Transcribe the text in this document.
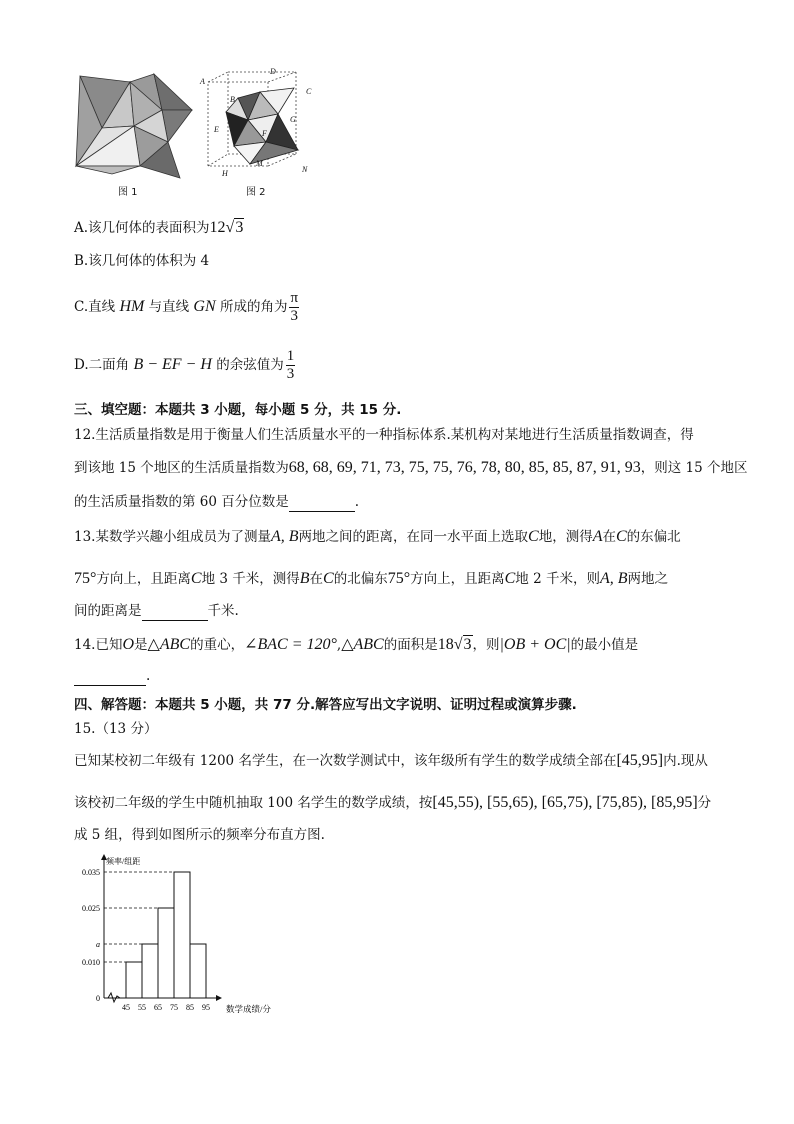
图 1
A
D
C
B
E
G
F
M
H	N
图 2
A.该几何体的表面积为12√3
B.该几何体的体积为 4
C.直线 HM 与直线 GN 所成的角为 $\frac{\pi}{3}$
D.二面角 B − EF − H 的余弦值为 $\frac{1}{3}$
三、填空题：本题共 3 小题，每小题 5 分，共 15 分.
12.生活质量指数是用于衡量人们生活质量水平的一种指标体系.某机构对某地进行生活质量指数调查，得
到该地 15 个地区的生活质量指数为68, 68, 69, 71, 73, 75, 75, 76, 78, 80, 85, 85, 87, 91, 93，则这 15 个地区
的生活质量指数的第 60 百分位数是	.
13.某数学兴趣小组成员为了测量A, B两地之间的距离，在同一水平面上选取C地，测得A在C的东偏北
75°方向上，且距离C地 3 千米，测得B在C的北偏东75°方向上，且距离C地 2 千米，则A, B两地之
间的距离是	千米.
14.已知O是△ABC的重心，∠BAC = 120°,△ABC的面积是18√3，则|OB + OC|的最小值是
.
四、解答题：本题共 5 小题，共 77 分.解答应写出文字说明、证明过程或演算步骤.
15.（13 分）
已知某校初二年级有 1200 名学生，在一次数学测试中，该年级所有学生的数学成绩全部在[45,95]内.现从
该校初二年级的学生中随机抽取 100 名学生的数学成绩，按[45,55), [55,65), [65,75), [75,85), [85,95]分
成 5 组，得到如图所示的频率分布直方图.
频率/组距
0.035
0.025
a
0.010
0
45 55 65 75 85 95 数学成绩/分
